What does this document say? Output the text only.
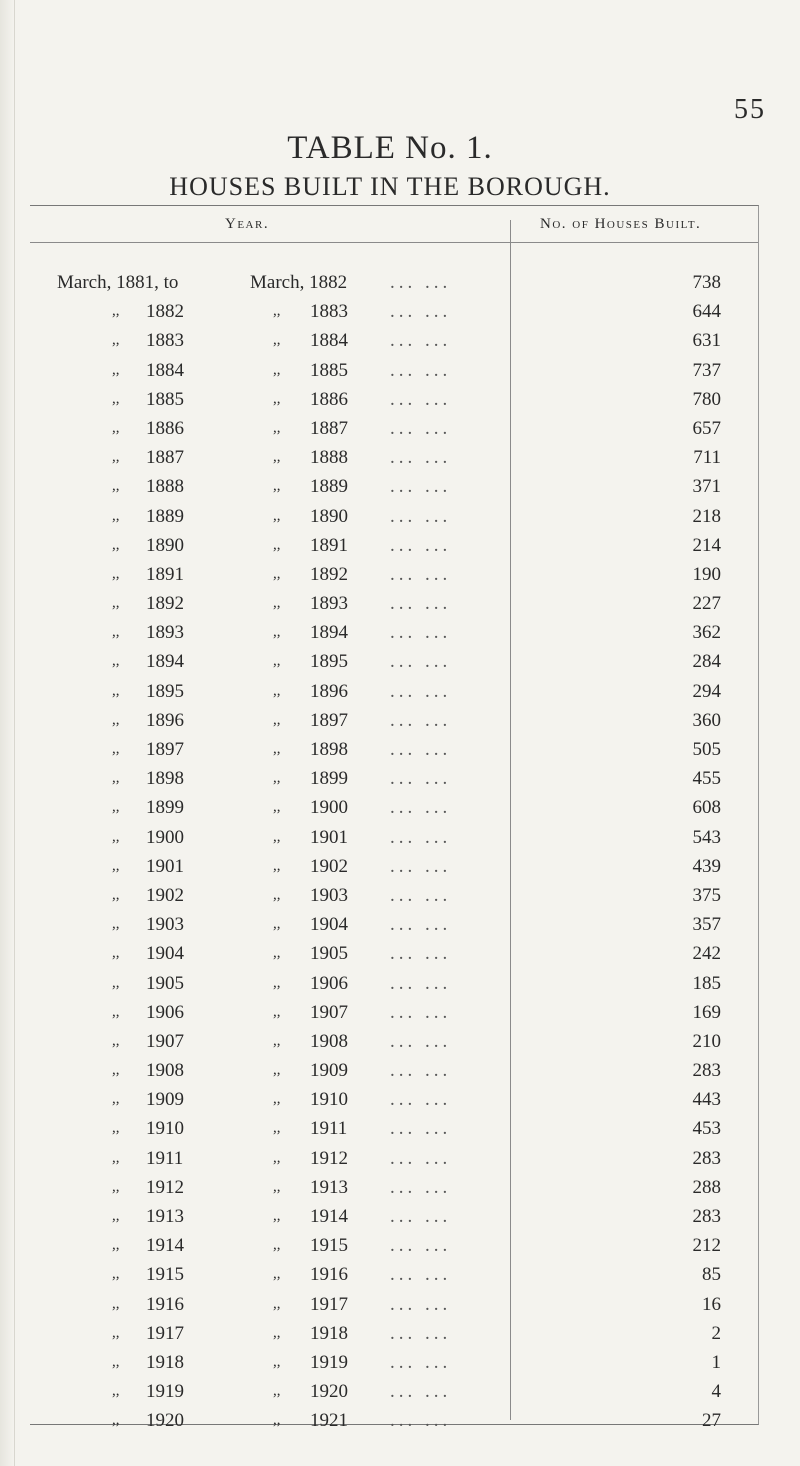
55
TABLE No. 1.
HOUSES BUILT IN THE BOROUGH.
Year.	No. of Houses Built.
March, 1881, to	March, 1882 ... ...	738
,, 1882	,, 1883 ... ...	644
,, 1883	,, 1884 ... ...	631
,, 1884	,, 1885 ... ...	737
,, 1885	,, 1886 ... ...	780
,, 1886	,, 1887 ... ...	657
,, 1887	,, 1888 ... ...	711
,, 1888	,, 1889 ... ...	371
,, 1889	,, 1890 ... ...	218
,, 1890	,, 1891 ... ...	214
,, 1891	,, 1892 ... ...	190
,, 1892	,, 1893 ... ...	227
,, 1893	,, 1894 ... ...	362
,, 1894	,, 1895 ... ...	284
,, 1895	,, 1896 ... ...	294
,, 1896	,, 1897 ... ...	360
,, 1897	,, 1898 ... ...	505
,, 1898	,, 1899 ... ...	455
,, 1899	,, 1900 ... ...	608
,, 1900	,, 1901 ... ...	543
,, 1901	,, 1902 ... ...	439
,, 1902	,, 1903 ... ...	375
,, 1903	,, 1904 ... ...	357
,, 1904	,, 1905 ... ...	242
,, 1905	,, 1906 ... ...	185
,, 1906	,, 1907 ... ...	169
,, 1907	,, 1908 ... ...	210
,, 1908	,, 1909 ... ...	283
,, 1909	,, 1910 ... ...	443
,, 1910	,, 1911 ... ...	453
,, 1911	,, 1912 ... ...	283
,, 1912	,, 1913 ... ...	288
,, 1913	,, 1914 ... ...	283
,, 1914	,, 1915 ... ...	212
,, 1915	,, 1916 ... ...	85
,, 1916	,, 1917 ... ...	16
,, 1917	,, 1918 ... ...	2
,, 1918	,, 1919 ... ...	1
,, 1919	,, 1920 ... ...	4
,, 1920	,, 1921 ... ...	27
